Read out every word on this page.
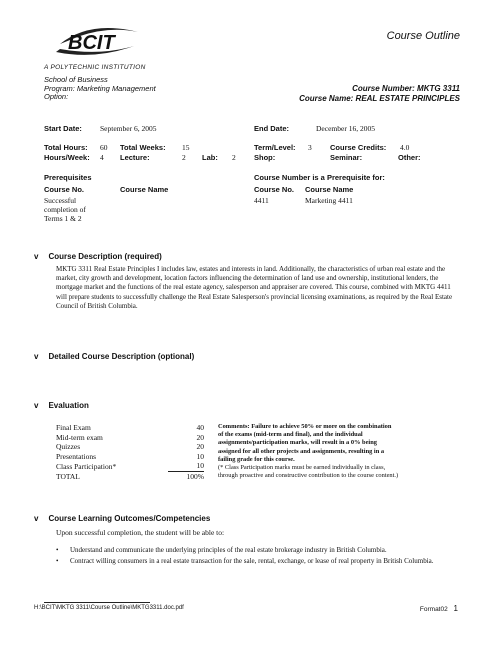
BCIT	Course Outline
A POLYTECHNIC INSTITUTION
School of Business
Program: Marketing Management
Option:
Course Number: MKTG 3311
Course Name: REAL ESTATE PRINCIPLES
Start Date: September 6, 2005	End Date:	December 16, 2005
Total Hours: 60 Total Weeks: 15	Term/Level: 3 Course Credits: 4.0
Hours/Week: 4 Lecture:	2 Lab: 2 Shop:	Seminar:	Other:
Prerequisites
Course No.	Course Name
Successful
completion of
Terms 1 & 2
Course Number is a Prerequisite for:
Course No. Course Name
4411	Marketing 4411
v Course Description (required)
MKTG 3311 Real Estate Principles I includes law, estates and interests in land. Additionally, the characteristics of urban real estate and the market, city growth and development, location factors influencing the determination of land use and ownership, institutional lenders, the mortgage market and the functions of the real estate agency, salesperson and appraiser are covered. This course, combined with MKTG 4411 will prepare students to successfully challenge the Real Estate Salesperson's provincial licensing examinations, as required by the Real Estate Council of British Columbia.
v Detailed Course Description (optional)
v Evaluation
Final Exam	40
Mid-term exam	20
Quizzes	20
Presentations	10
Class Participation*	10
TOTAL	100%
Comments: Failure to achieve 50% or more on the combination
of the exams (mid-term and final), and the individual
assignments/participation marks, will result in a 0% being
assigned for all other projects and assignments, resulting in a
failing grade for this course.
(* Class Participation marks must be earned individually in class,
through proactive and constructive contribution to the course content.)
v Course Learning Outcomes/Competencies
Upon successful completion, the student will be able to:
•	Understand and communicate the underlying principles of the real estate brokerage industry in British Columbia.
•	Contract willing consumers in a real estate transaction for the sale, rental, exchange, or lease of real property in British Columbia.
H:\BCIT\MKTG 3311\Course Outline\MKTG3311.doc.pdf	Format02 1
